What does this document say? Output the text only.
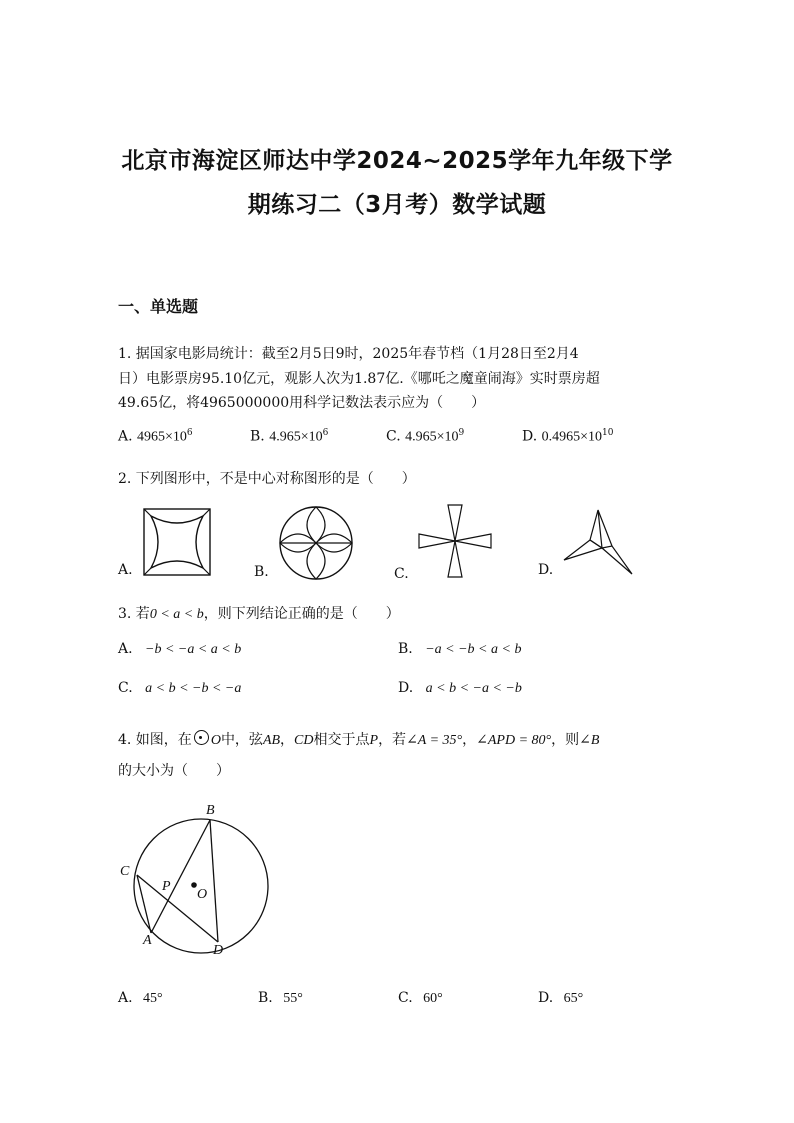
北京市海淀区师达中学2024~2025学年九年级下学
期练习二（3月考）数学试题
一、单选题
1. 据国家电影局统计：截至2月5日9时，2025年春节档（1月28日至2月4
日）电影票房95.10亿元，观影人次为1.87亿.《哪吒之魔童闹海》实时票房超
49.65亿，将4965000000用科学记数法表示应为（　　）
A. $4965\times 10^6$	B. $4.965\times 10^6$	C. $4.965\times 10^9$	D. $0.4965\times 10^{10}$
2. 下列图形中，不是中心对称图形的是（　　）
A.	B.	C.	D.
3. 若0 < a < b，则下列结论正确的是（　　）
A. −b < −a < a < b	B. −a < −b < a < b
C. a < b < −b < −a	D. a < b < −a < −b
4. 如图，在 O中，弦AB，CD相交于点P，若∠A = 35°，∠APD = 80°，则∠B
的大小为（　　）
B
C
P
O
A
D
A. 45°	B. 55°	C. 60°	D. 65°
